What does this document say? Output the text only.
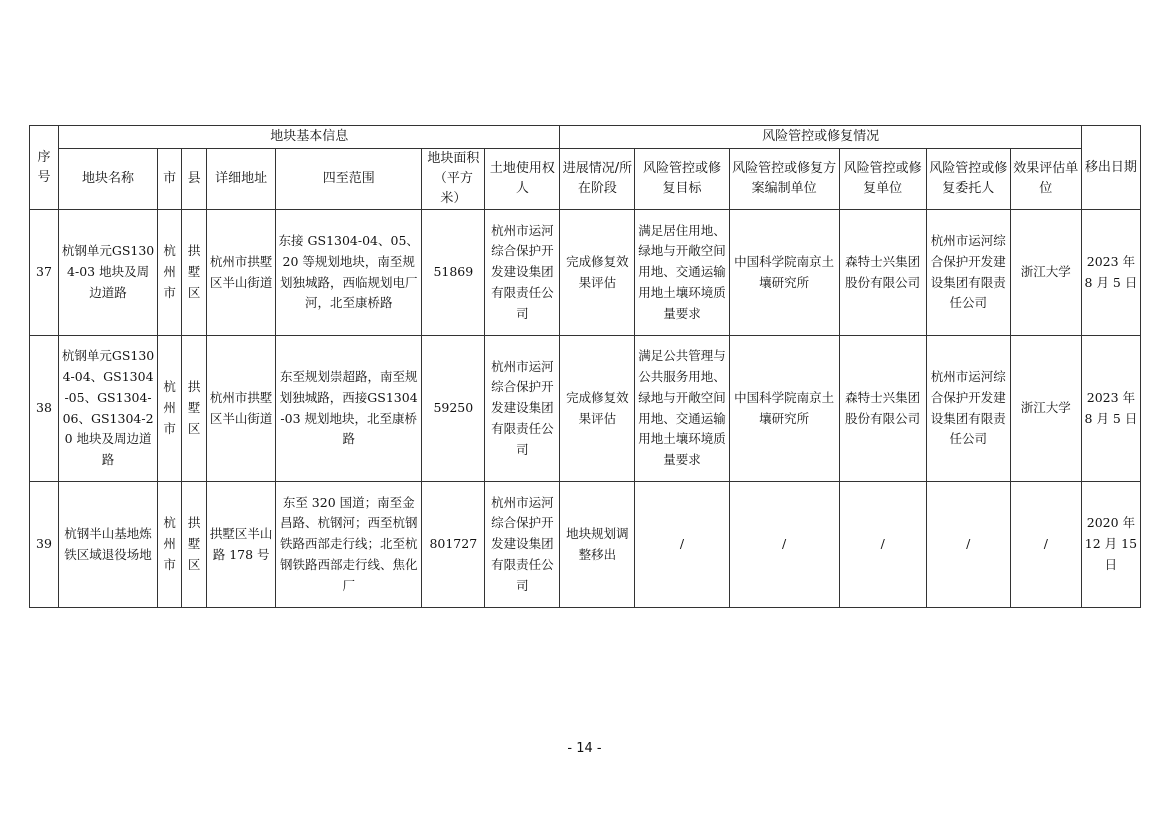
序号	地块基本信息							风险管控或修复情况						移出日期
	地块名称	市	县	详细地址	四至范围	地块面积（平方米）	土地使用权人	进展情况/所在阶段	风险管控或修复目标	风险管控或修复方案编制单位	风险管控或修复单位	风险管控或修复委托人	效果评估单位	
37	杭钢单元GS1304-03 地块及周边道路	杭州市	拱墅区	杭州市拱墅区半山街道	东接 GS1304-04、05、20 等规划地块，南至规划独城路，西临规划电厂河，北至康桥路	51869	杭州市运河综合保护开发建设集团有限责任公司	完成修复效果评估	满足居住用地、绿地与开敞空间用地、交通运输用地土壤环境质量要求	中国科学院南京土壤研究所	森特士兴集团股份有限公司	杭州市运河综合保护开发建设集团有限责任公司	浙江大学	2023 年8 月 5 日
38	杭钢单元GS1304-04、GS1304-05、GS1304-06、GS1304-20 地块及周边道路	杭州市	拱墅区	杭州市拱墅区半山街道	东至规划崇超路，南至规划独城路，西接GS1304-03 规划地块，北至康桥路	59250	杭州市运河综合保护开发建设集团有限责任公司	完成修复效果评估	满足公共管理与公共服务用地、绿地与开敞空间用地、交通运输用地土壤环境质量要求	中国科学院南京土壤研究所	森特士兴集团股份有限公司	杭州市运河综合保护开发建设集团有限责任公司	浙江大学	2023 年8 月 5 日
39	杭钢半山基地炼铁区域退役场地	杭州市	拱墅区	拱墅区半山路 178 号	东至 320 国道；南至金昌路、杭钢河；西至杭钢铁路西部走行线；北至杭钢铁路西部走行线、焦化厂	801727	杭州市运河综合保护开发建设集团有限责任公司	地块规划调整移出	/	/	/	/	/	2020 年12 月 15 日
- 14 -
